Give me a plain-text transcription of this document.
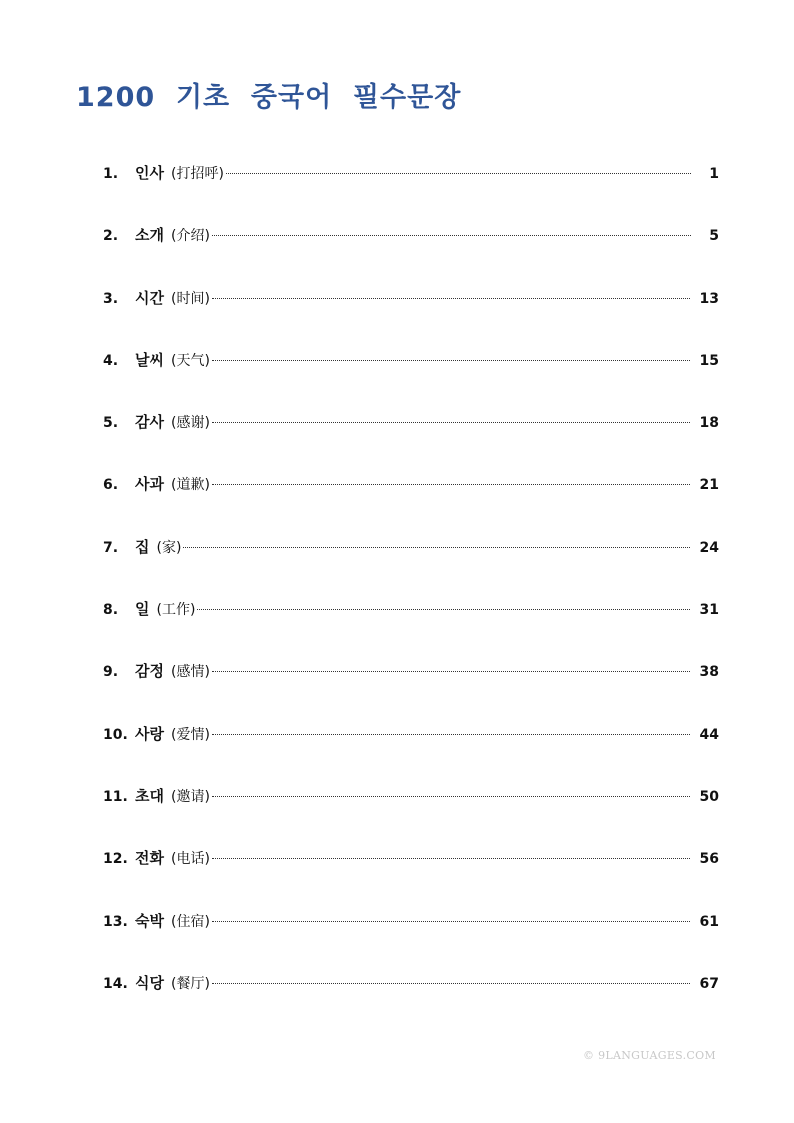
1200  기초  중국어  필수문장
1.	인사 (打招呼)	1
2.	소개 (介绍)	5
3.	시간 (时间)	13
4.	날씨 (天气)	15
5.	감사 (感谢)	18
6.	사과 (道歉)	21
7.	집 (家)	24
8.	일 (工作)	31
9.	감정 (感情)	38
10. 사랑 (爱情)	44
11. 초대 (邀请)	50
12. 전화 (电话)	56
13. 숙박 (住宿)	61
14. 식당 (餐厅)	67
© 9LANGUAGES.COM
